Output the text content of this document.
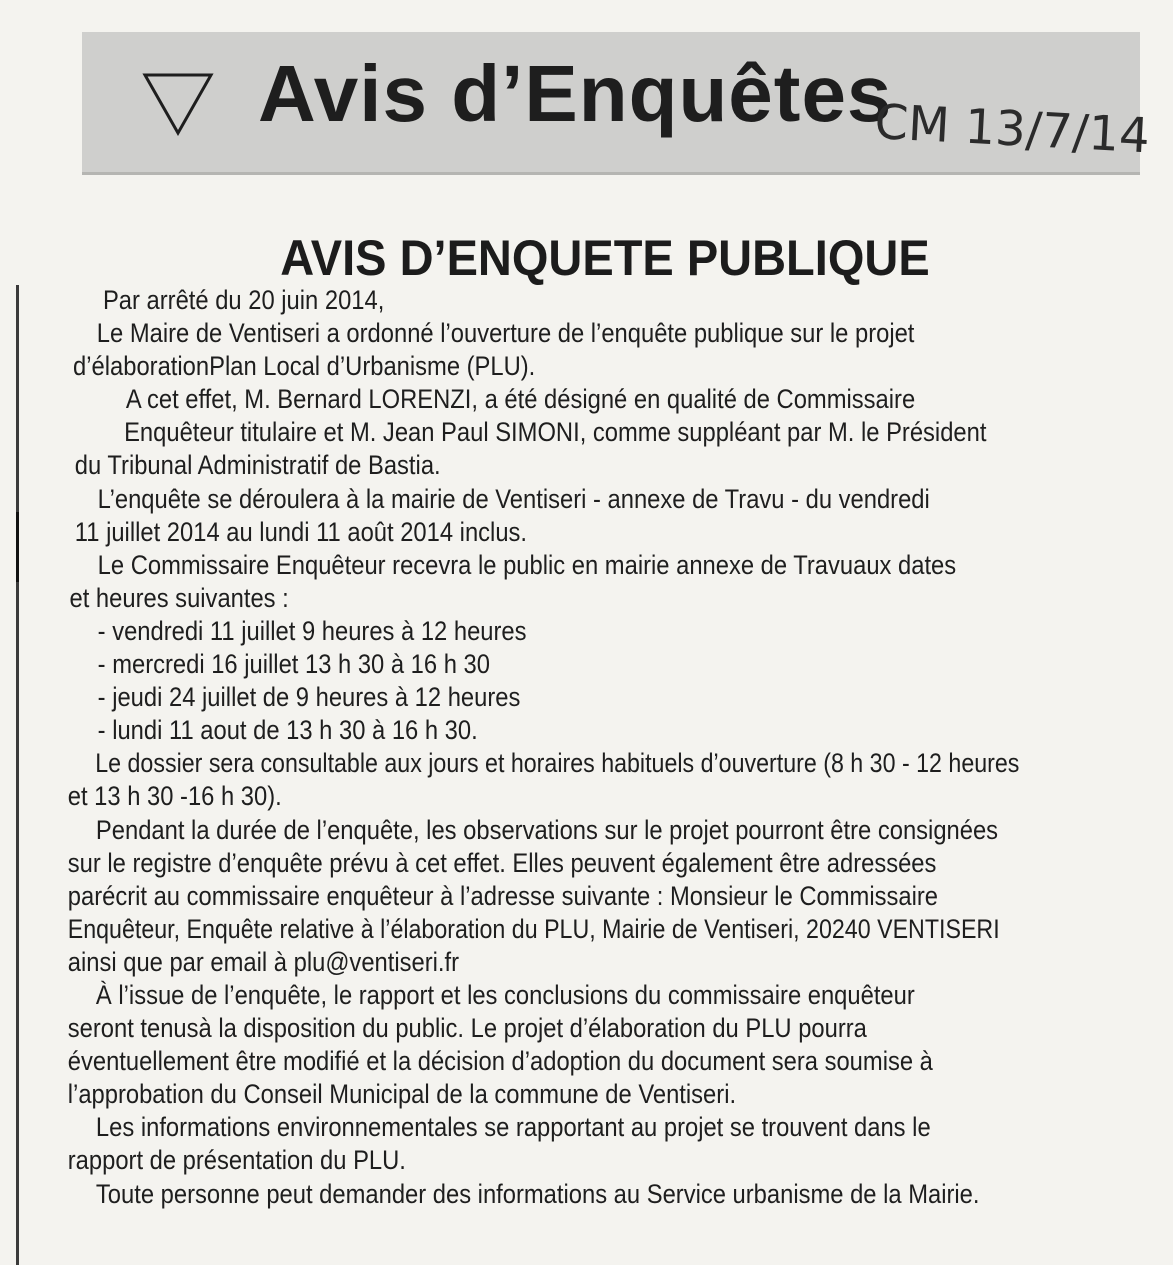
Avis d’Enquêtes
CM 13/7/14
AVIS D’ENQUETE PUBLIQUE
Par arrêté du 20 juin 2014,
Le Maire de Ventiseri a ordonné l’ouverture de l’enquête publique sur le projet
d’élaborationPlan Local d’Urbanisme (PLU).
A cet effet, M. Bernard LORENZI, a été désigné en qualité de Commissaire
Enquêteur titulaire et M. Jean Paul SIMONI, comme suppléant par M. le Président
du Tribunal Administratif de Bastia.
L’enquête se déroulera à la mairie de Ventiseri - annexe de Travu - du vendredi
11 juillet 2014 au lundi 11 août 2014 inclus.
Le Commissaire Enquêteur recevra le public en mairie annexe de Travuaux dates
et heures suivantes :
- vendredi 11 juillet 9 heures à 12 heures
- mercredi 16 juillet 13 h 30 à 16 h 30
- jeudi 24 juillet de 9 heures à 12 heures
- lundi 11 aout de 13 h 30 à 16 h 30.
Le dossier sera consultable aux jours et horaires habituels d’ouverture (8 h 30 - 12 heures
et 13 h 30 -16 h 30).
Pendant la durée de l’enquête, les observations sur le projet pourront être consignées
sur le registre d’enquête prévu à cet effet. Elles peuvent également être adressées
parécrit au commissaire enquêteur à l’adresse suivante : Monsieur le Commissaire
Enquêteur, Enquête relative à l’élaboration du PLU, Mairie de Ventiseri, 20240 VENTISERI
ainsi que par email à plu@ventiseri.fr
À l’issue de l’enquête, le rapport et les conclusions du commissaire enquêteur
seront tenusà la disposition du public. Le projet d’élaboration du PLU pourra
éventuellement être modifié et la décision d’adoption du document sera soumise à
l’approbation du Conseil Municipal de la commune de Ventiseri.
Les informations environnementales se rapportant au projet se trouvent dans le
rapport de présentation du PLU.
Toute personne peut demander des informations au Service urbanisme de la Mairie.
